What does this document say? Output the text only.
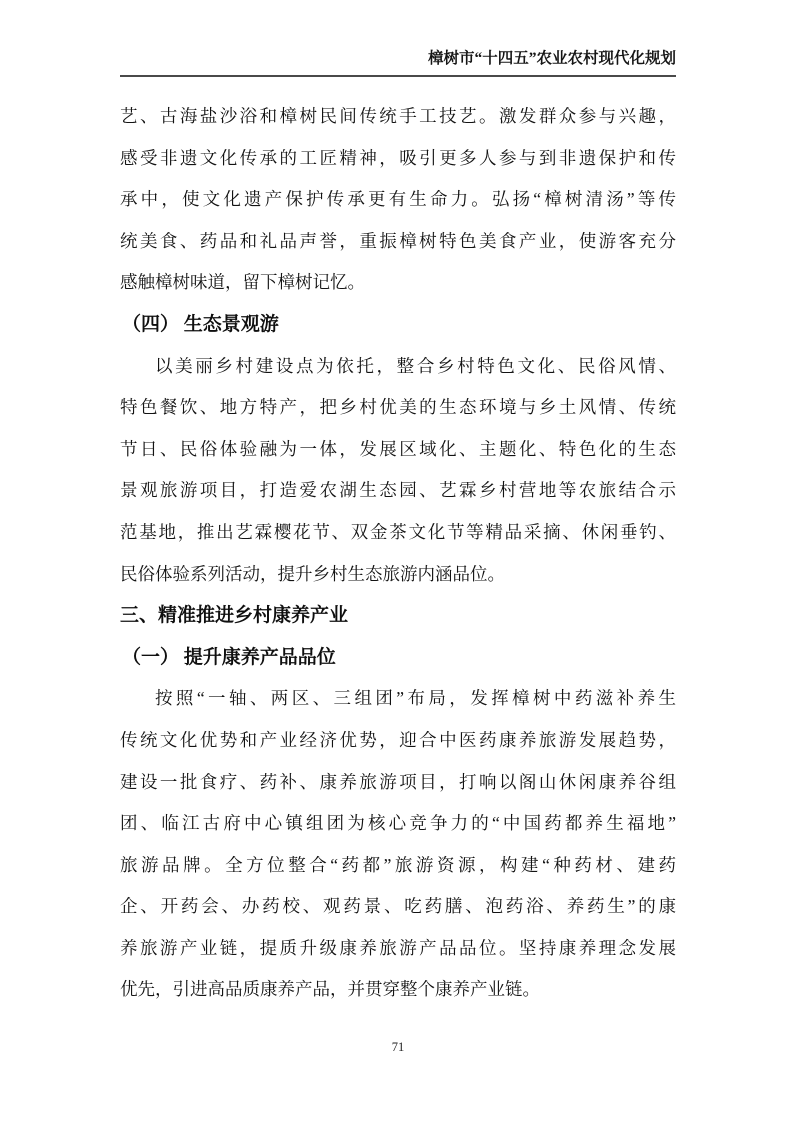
樟树市“十四五”农业农村现代化规划

艺、古海盐沙浴和樟树民间传统手工技艺。激发群众参与兴趣，

感受非遗文化传承的工匠精神，吸引更多人参与到非遗保护和传

承中，使文化遗产保护传承更有生命力。弘扬“樟树清汤”等传

统美食、药品和礼品声誉，重振樟树特色美食产业，使游客充分

感触樟树味道，留下樟树记忆。

（四） 生态景观游

以美丽乡村建设点为依托，整合乡村特色文化、民俗风情、

特色餐饮、地方特产，把乡村优美的生态环境与乡土风情、传统

节日、民俗体验融为一体，发展区域化、主题化、特色化的生态

景观旅游项目，打造爱农湖生态园、艺霖乡村营地等农旅结合示

范基地，推出艺霖樱花节、双金茶文化节等精品采摘、休闲垂钓、

民俗体验系列活动，提升乡村生态旅游内涵品位。

三、精准推进乡村康养产业
（一） 提升康养产品品位

按照“一轴、两区、三组团”布局，发挥樟树中药滋补养生

传统文化优势和产业经济优势，迎合中医药康养旅游发展趋势，

建设一批食疗、药补、康养旅游项目，打响以阁山休闲康养谷组

团、临江古府中心镇组团为核心竞争力的“中国药都养生福地”

旅游品牌。全方位整合“药都”旅游资源，构建“种药材、建药

企、开药会、办药校、观药景、吃药膳、泡药浴、养药生”的康

养旅游产业链，提质升级康养旅游产品品位。坚持康养理念发展

优先，引进高品质康养产品，并贯穿整个康养产业链。

71
